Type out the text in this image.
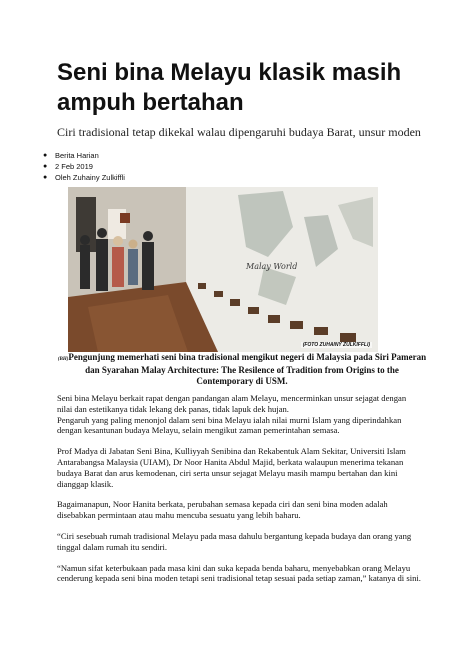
Seni bina Melayu klasik masih ampuh bertahan

Ciri tradisional tetap dikekal walau dipengaruhi budaya Barat, unsur moden

●	Berita Harian
●	2 Feb 2019
●	Oleh Zuhainy Zulkiffli
Malay World
(FOTO ZUHAINY ZULKIFFLI)

(BH)Pengunjung memerhati seni bina tradisional mengikut negeri di Malaysia pada Siri Pameran dan Syarahan Malay Architecture: The Resilence of Tradition from Origins to the Contemporary di USM.

Seni bina Melayu berkait rapat dengan pandangan alam Melayu, mencerminkan unsur sejagat dengan nilai dan estetikanya tidak lekang dek panas, tidak lapuk dek hujan.
Pengaruh yang paling menonjol dalam seni bina Melayu ialah nilai murni Islam yang diperindahkan dengan kesantunan budaya Melayu, selain mengikut zaman pemerintahan semasa.

Prof Madya di Jabatan Seni Bina, Kulliyyah Senibina dan Rekabentuk Alam Sekitar, Universiti Islam Antarabangsa Malaysia (UIAM), Dr Noor Hanita Abdul Majid, berkata walaupun menerima tekanan budaya Barat dan arus kemodenan, ciri serta unsur sejagat Melayu masih mampu bertahan dan kini dianggap klasik.

Bagaimanapun, Noor Hanita berkata, perubahan semasa kepada ciri dan seni bina moden adalah disebabkan permintaan atau mahu mencuba sesuatu yang lebih baharu.

“Ciri sesebuah rumah tradisional Melayu pada masa dahulu bergantung kepada budaya dan orang yang tinggal dalam rumah itu sendiri.

“Namun sifat keterbukaan pada masa kini dan suka kepada benda baharu, menyebabkan orang Melayu cenderung kepada seni bina moden tetapi seni tradisional tetap sesuai pada setiap zaman,” katanya di sini.
